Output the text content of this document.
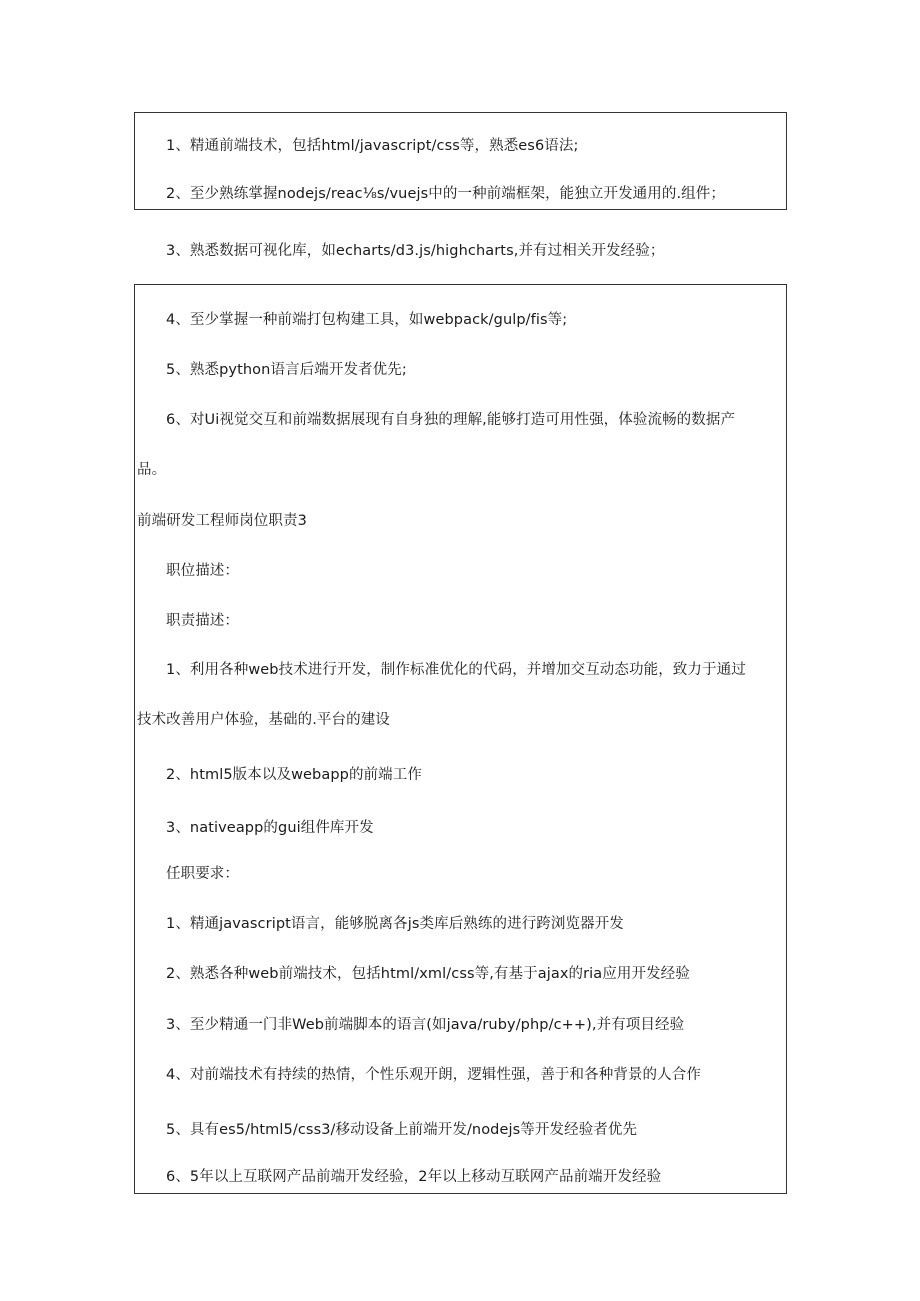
1、精通前端技术，包括html/javascript/css等，熟悉es6语法;
2、至少熟练掌握nodejs/reac⅛s/vuejs中的一种前端框架，能独立开发通用的.组件；
3、熟悉数据可视化库，如echarts/d3.js/highcharts,并有过相关开发经验；
4、至少掌握一种前端打包构建工具，如webpack/gulp/fis等;
5、熟悉python语言后端开发者优先;
6、对Ui视觉交互和前端数据展现有自身独的理解,能够打造可用性强，体验流畅的数据产
品。
前端研发工程师岗位职责3
职位描述：
职责描述：
1、利用各种web技术进行开发，制作标准优化的代码，并增加交互动态功能，致力于通过
技术改善用户体验，基础的.平台的建设
2、html5版本以及webapp的前端工作
3、nativeapp的gui组件库开发
任职要求：
1、精通javascript语言，能够脱离各js类库后熟练的进行跨浏览器开发
2、熟悉各种web前端技术，包括html/xml/css等,有基于ajax的ria应用开发经验
3、至少精通一门非Web前端脚本的语言(如java/ruby/php/c++),并有项目经验
4、对前端技术有持续的热情，个性乐观开朗，逻辑性强，善于和各种背景的人合作
5、具有es5/html5/css3/移动设备上前端开发/nodejs等开发经验者优先
6、5年以上互联网产品前端开发经验，2年以上移动互联网产品前端开发经验
